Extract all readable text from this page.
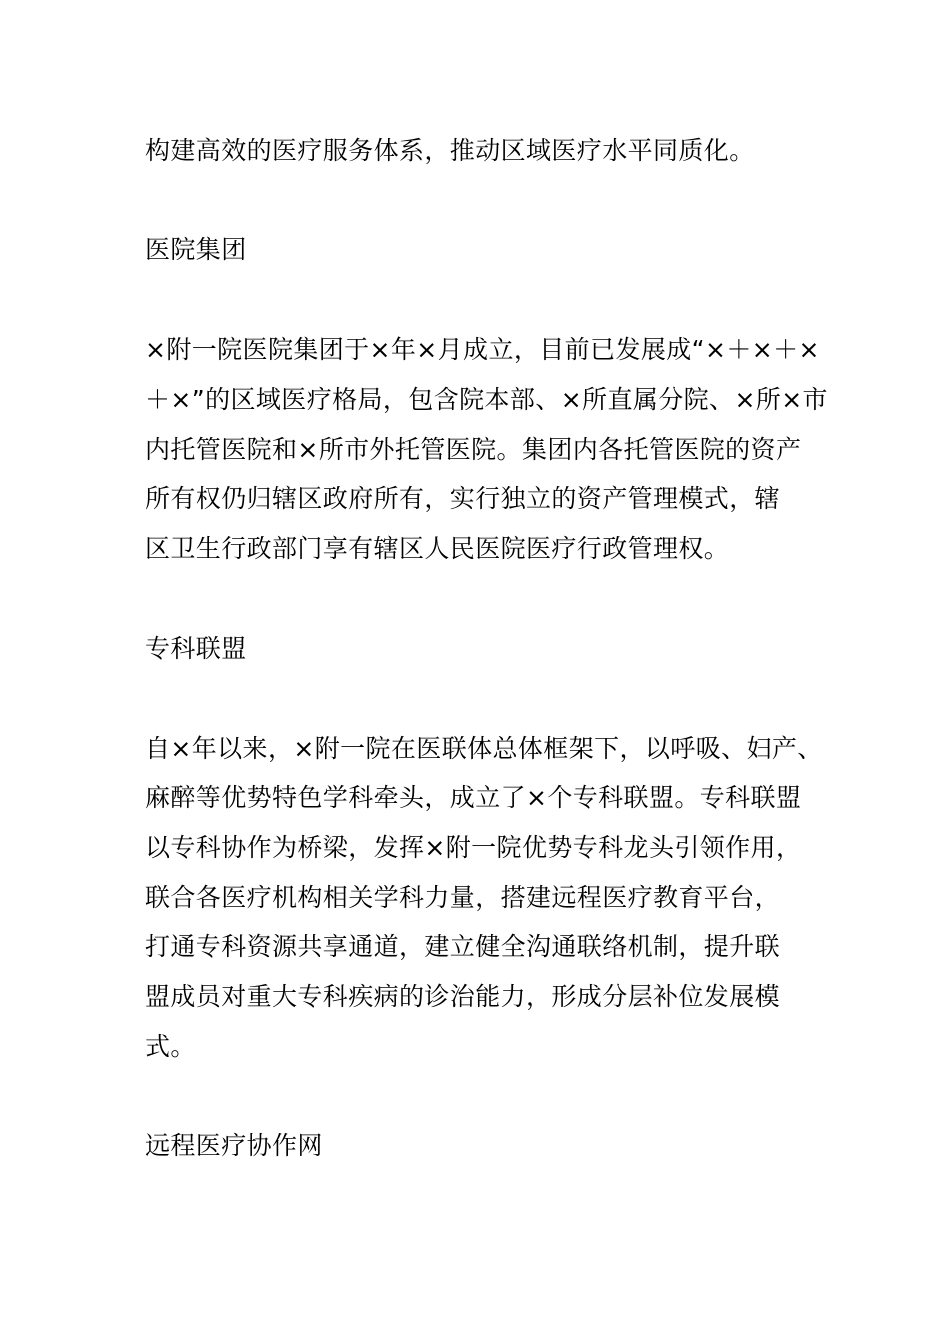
构建高效的医疗服务体系，推动区域医疗水平同质化。
医院集团
×附一院医院集团于×年×月成立，目前已发展成“×＋×＋×
＋×”的区域医疗格局，包含院本部、×所直属分院、×所×市
内托管医院和×所市外托管医院。集团内各托管医院的资产
所有权仍归辖区政府所有，实行独立的资产管理模式，辖
区卫生行政部门享有辖区人民医院医疗行政管理权。
专科联盟
自×年以来，×附一院在医联体总体框架下，以呼吸、妇产、
麻醉等优势特色学科牵头，成立了×个专科联盟。专科联盟
以专科协作为桥梁，发挥×附一院优势专科龙头引领作用，
联合各医疗机构相关学科力量，搭建远程医疗教育平台，
打通专科资源共享通道，建立健全沟通联络机制，提升联
盟成员对重大专科疾病的诊治能力，形成分层补位发展模
式。
远程医疗协作网
